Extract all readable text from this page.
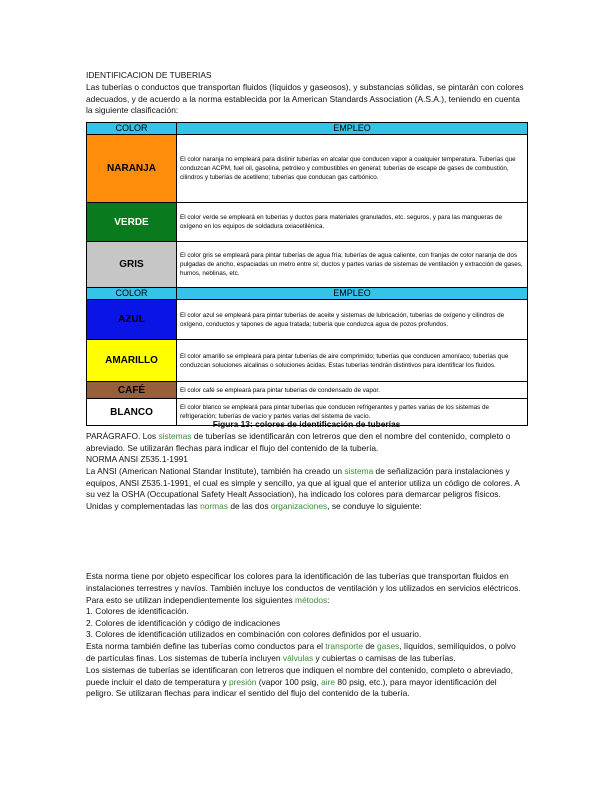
IDENTIFICACION DE TUBERIAS

Las tuberías o conductos que transportan fluidos (líquidos y gaseosos), y substancias sólidas, se pintarán con colores adecuados, y de acuerdo a la norma establecida por la American Standards Association (A.S.A.), teniendo en cuenta la siguiente clasificación:

COLOR	EMPLEO
NARANJA	El color naranja no empleará para distinir tuberías en alcalar que conducen vapor a cualquier temperatura. Tuberías que conduzcan ACPM, fuel oil, gasolina, petróleo y combustibles en general; tuberías de escape de gases de combustión, cilindros y tuberías de acetileno; tuberías que conducan gas carbónico.
VERDE	El color verde se empleará en tuberías y ductos para materiales granulados, etc. seguros, y para las mangueras de oxígeno en los equipos de soldadura oxiacetilénica.
GRIS	El color gris se empleará para pintar tuberías de agua fría; tuberías de agua caliente, con franjas de color naranja de dos pulgadas de ancho, espaciadas un metro entre sí; ductos y partes varias de sistemas de ventilación y extracción de gases, humos, neblinas, etc.
COLOR	EMPLEO
AZUL	El color azul se empleará para pintar tuberías de aceite y sistemas de lubricación, tuberías de oxígeno y cilindros de oxígeno, conductos y tapones de agua tratada; tubería que conduzca agua de pozos profundos.
AMARILLO	El color amarillo se empleará para pintar tuberías de aire comprimido; tuberías que conducen amoníaco; tuberías que conduzcan soluciones alcalinas o soluciones ácidas. Estas tuberías tendrán distintivos para identificar los fluidos.
CAFÉ	El color café se empleará para pintar tuberías de condensado de vapor.
BLANCO	El color blanco se empleará para pintar tuberías que conducen refrigerantes y partes varias de los sistemas de refrigeración; tuberías de vacío y partes varias del sistema de vacío.

Figura 13: colores de identificación de tuberías

PARÁGRAFO. Los sistemas de tuberías se identificarán con letreros que den el nombre del contenido, completo o abreviado. Se utilizarán flechas para indicar el flujo del contenido de la tubería.

NORMA ANSI Z535.1-1991

La ANSI (American National Standar Institute), también ha creado un sistema de señalización para instalaciones y equipos, ANSI Z535.1-1991, el cual es simple y sencillo, ya que al igual que el anterior utiliza un código de colores. A su vez la OSHA (Occupational Safety Healt Association), ha indicado los colores para demarcar peligros físicos. Unidas y complementadas las normas de las dos organizaciones, se conduye lo siguiente:

Esta norma tiene por objeto especificar los colores para la identificación de las tuberías que transportan fluidos en instalaciones terrestres y navíos. También incluye los conductos de ventilación y los utilizados en servicios eléctricos.

Para esto se utilizan independientemente los siguientes métodos:

1. Colores de identificación.

2. Colores de identificación y código de indicaciones

3. Colores de identificación utilizados en combinación con colores definidos por el usuario.

Esta norma también define las tuberías como conductos para el transporte de gases, líquidos, semilíquidos, o polvo de partículas finas. Los sistemas de tubería incluyen válvulas y cubiertas o camisas de las tuberías.

Los sistemas de tuberías se identificaran con letreros que indiquen el nombre del contenido, completo o abreviado, puede incluir el dato de temperatura y presión (vapor 100 psig, aire 80 psig, etc.), para mayor identificación del peligro. Se utilizaran flechas para indicar el sentido del flujo del contenido de la tubería.
